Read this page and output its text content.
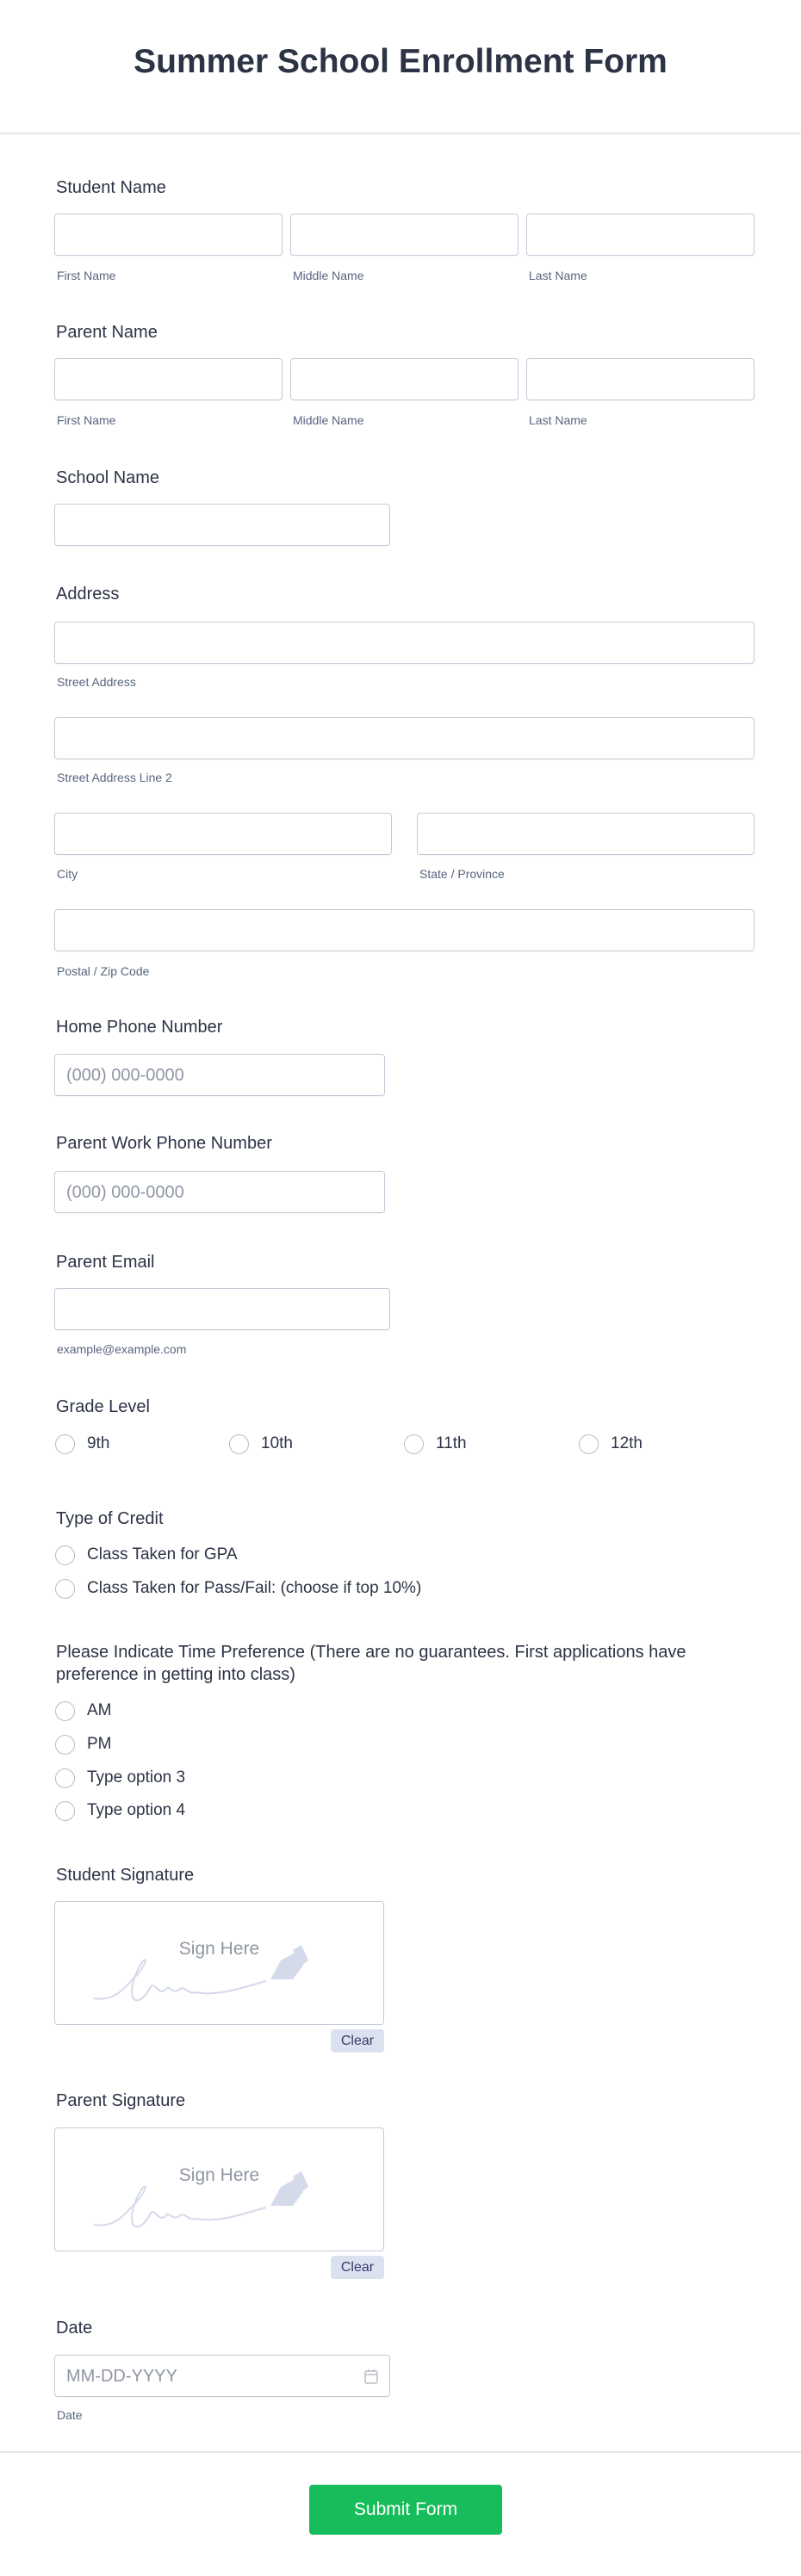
Summer School Enrollment Form
Student Name
First Name	Middle Name	Last Name
Parent Name
First Name	Middle Name	Last Name
School Name
Address
Street Address
Street Address Line 2
City	State / Province
Postal / Zip Code
Home Phone Number
(000) 000-0000
Parent Work Phone Number
(000) 000-0000
Parent Email
example@example.com
Grade Level
9th	10th	11th	12th
Type of Credit
Class Taken for GPA
Class Taken for Pass/Fail: (choose if top 10%)
Please Indicate Time Preference (There are no guarantees. First applications have preference in getting into class)
AM
PM
Type option 3
Type option 4
Student Signature
Sign Here
Clear
Parent Signature
Sign Here
Clear
Date
MM-DD-YYYY
Date
Submit Form
